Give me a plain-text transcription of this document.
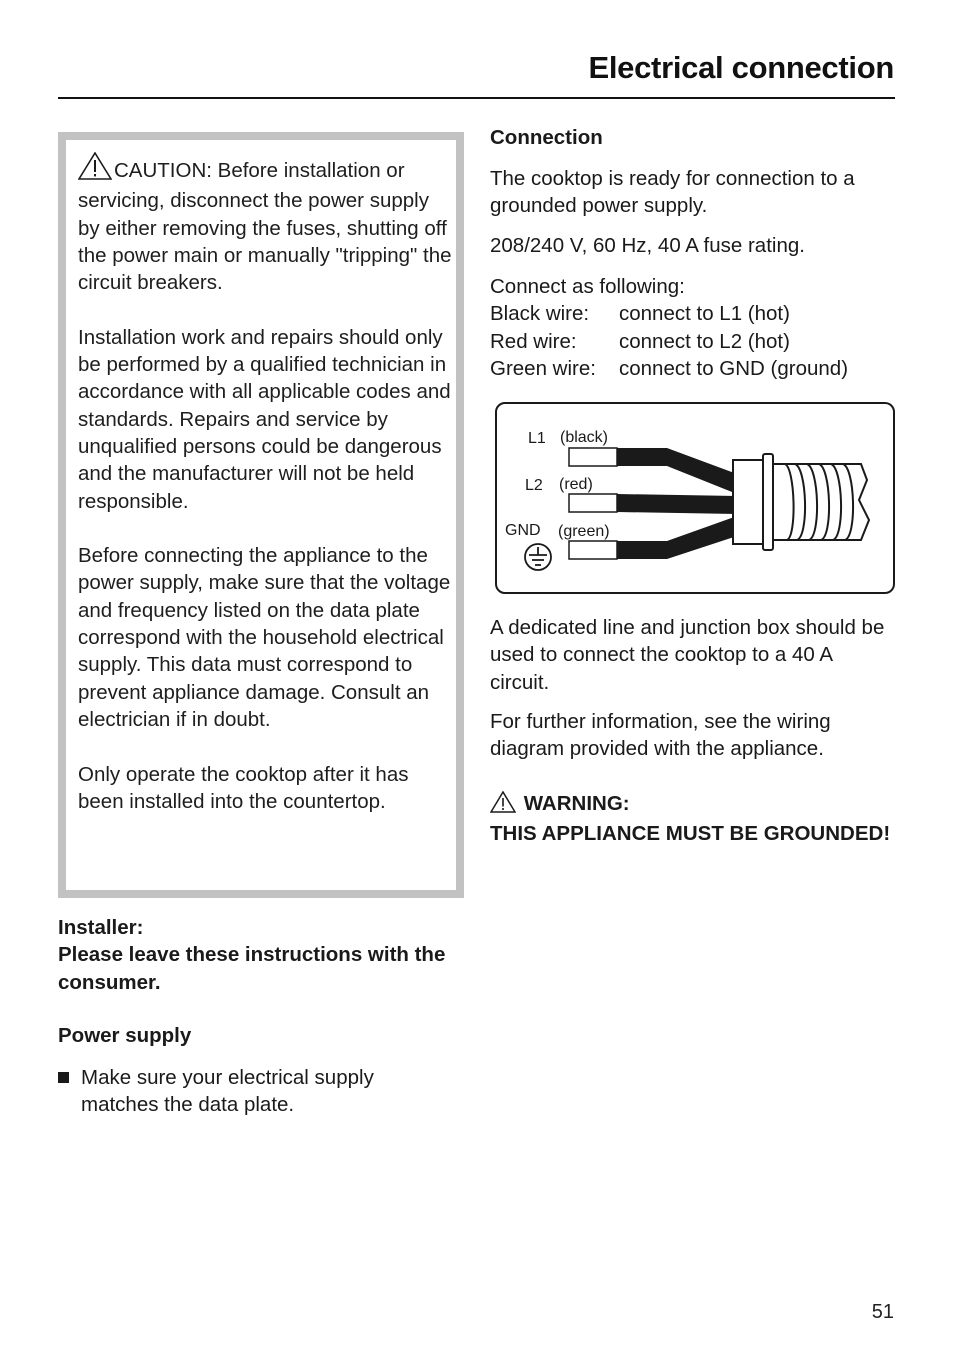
Electrical connection

CAUTION: Before installation or servicing, disconnect the power supply by either removing the fuses, shutting off the power main or manually "tripping" the circuit breakers.

Installation work and repairs should only be performed by a qualified technician in accordance with all applicable codes and standards. Repairs and service by unqualified persons could be dangerous and the manufacturer will not be held responsible.

Before connecting the appliance to the power supply, make sure that the voltage and frequency listed on the data plate correspond with the household electrical supply. This data must correspond to prevent appliance damage. Consult an electrician if in doubt.

Only operate the cooktop after it has been installed into the countertop.

Installer:
Please leave these instructions with the consumer.
Power supply
Make sure your electrical supply matches the data plate.
Connection
The cooktop is ready for connection to a grounded power supply.
208/240 V, 60 Hz, 40 A fuse rating.
Connect as following:
Black wire:	connect to L1 (hot)
Red wire:	connect to L2 (hot)
Green wire:	connect to GND (ground)
L1 (black)
L2 (red)
GND (green)
A dedicated line and junction box should be used to connect the cooktop to a 40 A circuit.
For further information, see the wiring diagram provided with the appliance.
WARNING:
THIS APPLIANCE MUST BE GROUNDED!
51
